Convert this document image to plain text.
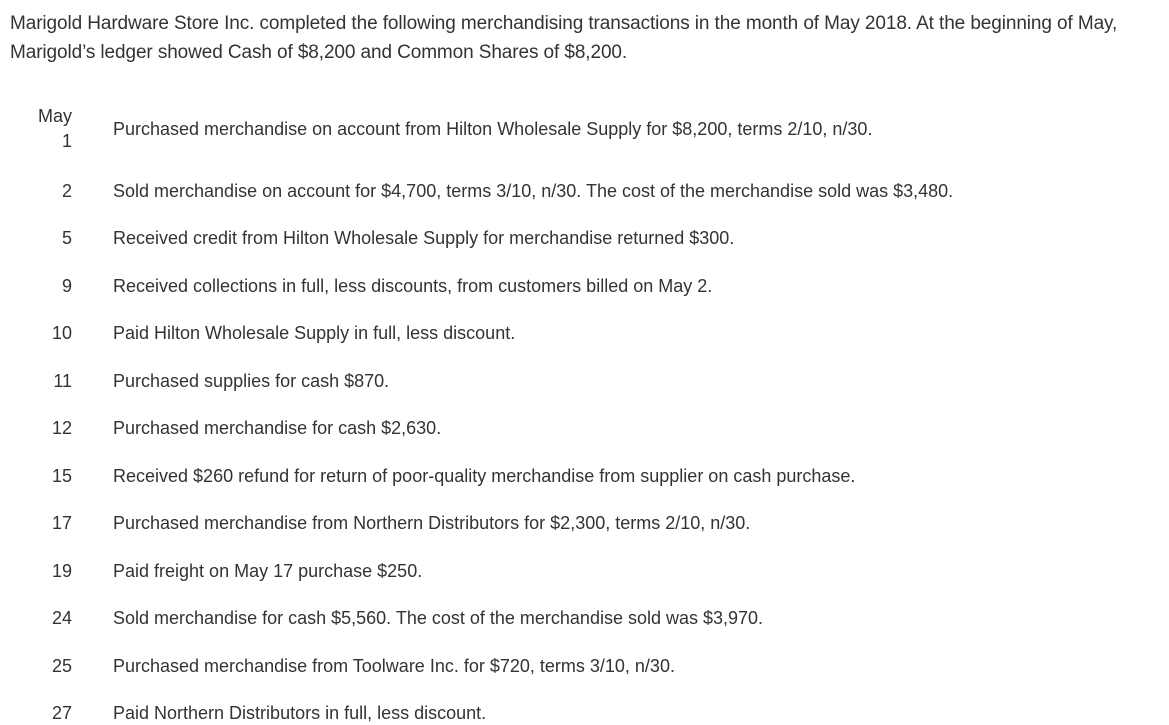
Marigold Hardware Store Inc. completed the following merchandising transactions in the month of May 2018. At the beginning of May, Marigold’s ledger showed Cash of $8,200 and Common Shares of $8,200.

May
1
Purchased merchandise on account from Hilton Wholesale Supply for $8,200, terms 2/10, n/30.
2 Sold merchandise on account for $4,700, terms 3/10, n/30. The cost of the merchandise sold was $3,480.
5 Received credit from Hilton Wholesale Supply for merchandise returned $300.
9 Received collections in full, less discounts, from customers billed on May 2.
10 Paid Hilton Wholesale Supply in full, less discount.
11 Purchased supplies for cash $870.
12 Purchased merchandise for cash $2,630.
15 Received $260 refund for return of poor-quality merchandise from supplier on cash purchase.
17 Purchased merchandise from Northern Distributors for $2,300, terms 2/10, n/30.
19 Paid freight on May 17 purchase $250.
24 Sold merchandise for cash $5,560. The cost of the merchandise sold was $3,970.
25 Purchased merchandise from Toolware Inc. for $720, terms 3/10, n/30.
27 Paid Northern Distributors in full, less discount.
